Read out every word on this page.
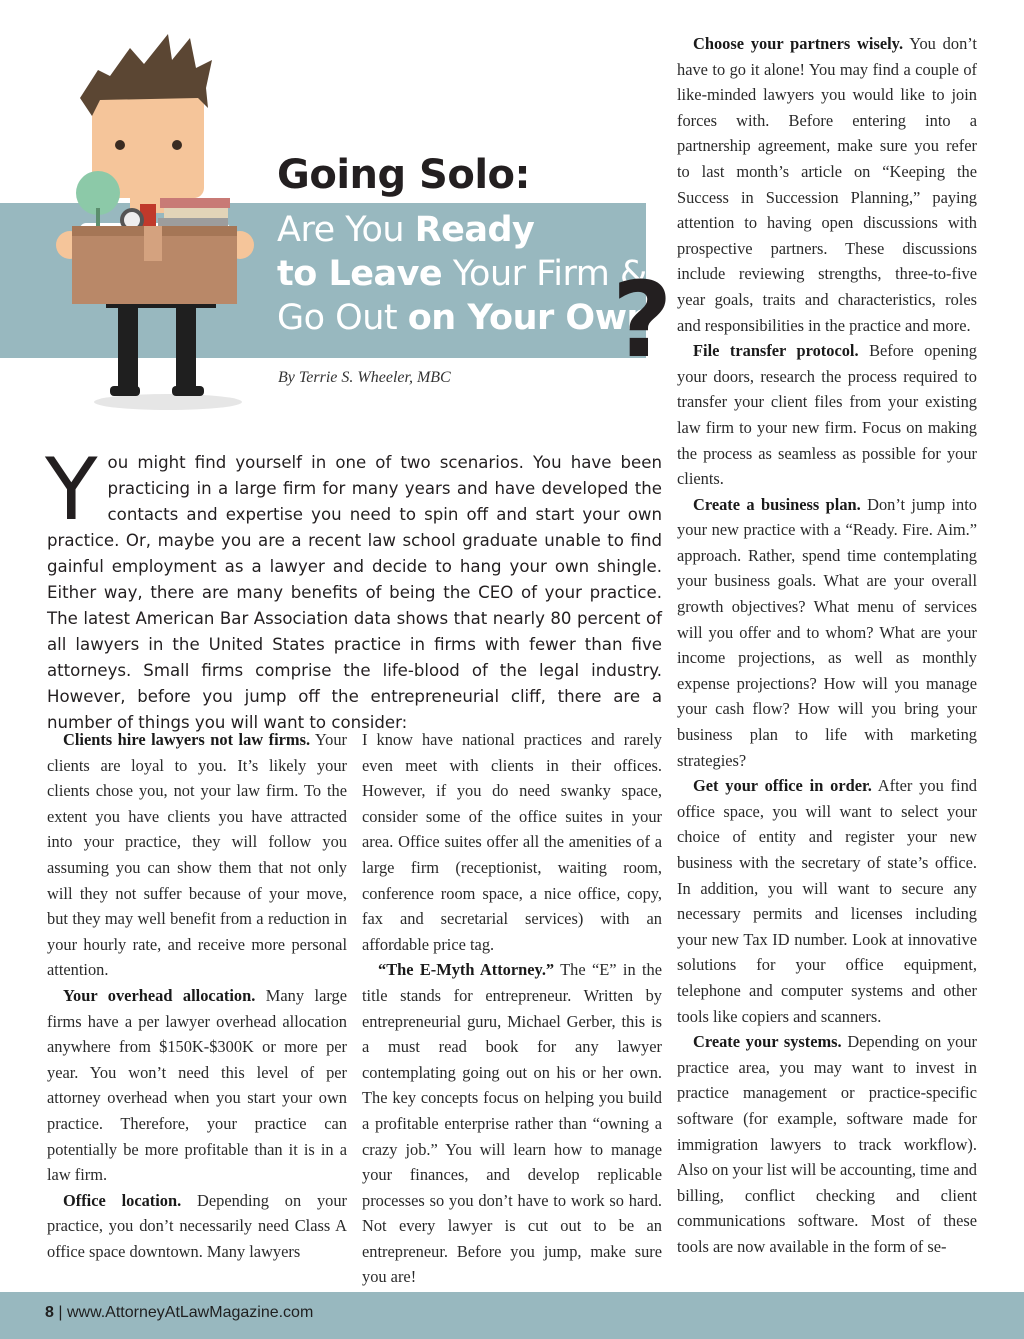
Going Solo:
Are You Ready
to Leave Your Firm &
Go Out on Your Own
?
By Terrie S. Wheeler, MBC
You might find yourself in one of two scenarios. You have been practicing in a large firm for many years and have developed the contacts and expertise you need to spin off and start your own practice. Or, maybe you are a recent law school graduate unable to find gainful employment as a lawyer and decide to hang your own shingle. Either way, there are many benefits of being the CEO of your practice. The latest American Bar Association data shows that nearly 80 percent of all lawyers in the United States practice in firms with fewer than five attorneys. Small firms comprise the life-blood of the legal industry. However, before you jump off the entrepreneurial cliff, there are a number of things you will want to consider:

Clients hire lawyers not law firms. Your clients are loyal to you. It’s likely your clients chose you, not your law firm. To the extent you have clients you have attracted into your practice, they will follow you assuming you can show them that not only will they not suffer because of your move, but they may well benefit from a reduction in your hourly rate, and receive more personal attention.

Your overhead allocation. Many large firms have a per lawyer overhead allocation anywhere from $150K-$300K or more per year. You won’t need this level of per attorney overhead when you start your own practice. Therefore, your practice can potentially be more profitable than it is in a law firm.

Office location. Depending on your practice, you don’t necessarily need Class A office space downtown. Many lawyers

I know have national practices and rarely even meet with clients in their offices. However, if you do need swanky space, consider some of the office suites in your area. Office suites offer all the amenities of a large firm (receptionist, waiting room, conference room space, a nice office, copy, fax and secretarial services) with an affordable price tag.

“The E-Myth Attorney.” The “E” in the title stands for entrepreneur. Written by entrepreneurial guru, Michael Gerber, this is a must read book for any lawyer contemplating going out on his or her own. The key concepts focus on helping you build a profitable enterprise rather than “owning a crazy job.” You will learn how to manage your finances, and develop replicable processes so you don’t have to work so hard. Not every lawyer is cut out to be an entrepreneur. Before you jump, make sure you are!

Choose your partners wisely. You don’t have to go it alone! You may find a couple of like-minded lawyers you would like to join forces with. Before entering into a partnership agreement, make sure you refer to last month’s article on “Keeping the Success in Succession Planning,” paying attention to having open discussions with prospective partners. These discussions include reviewing strengths, three-to-five year goals, traits and characteristics, roles and responsibilities in the practice and more.

File transfer protocol. Before opening your doors, research the process required to transfer your client files from your existing law firm to your new firm. Focus on making the process as seamless as possible for your clients.

Create a business plan. Don’t jump into your new practice with a “Ready. Fire. Aim.” approach. Rather, spend time contemplating your business goals. What are your overall growth objectives? What menu of services will you offer and to whom? What are your income projections, as well as monthly expense projections? How will you manage your cash flow? How will you bring your business plan to life with marketing strategies?

Get your office in order. After you find office space, you will want to select your choice of entity and register your new business with the secretary of state’s office. In addition, you will want to secure any necessary permits and licenses including your new Tax ID number. Look at innovative solutions for your office equipment, telephone and computer systems and other tools like copiers and scanners.

Create your systems. Depending on your practice area, you may want to invest in practice management or practice-specific software (for example, software made for immigration lawyers to track workflow). Also on your list will be accounting, time and billing, conflict checking and client communications software. Most of these tools are now available in the form of se-

8 | www.AttorneyAtLawMagazine.com
